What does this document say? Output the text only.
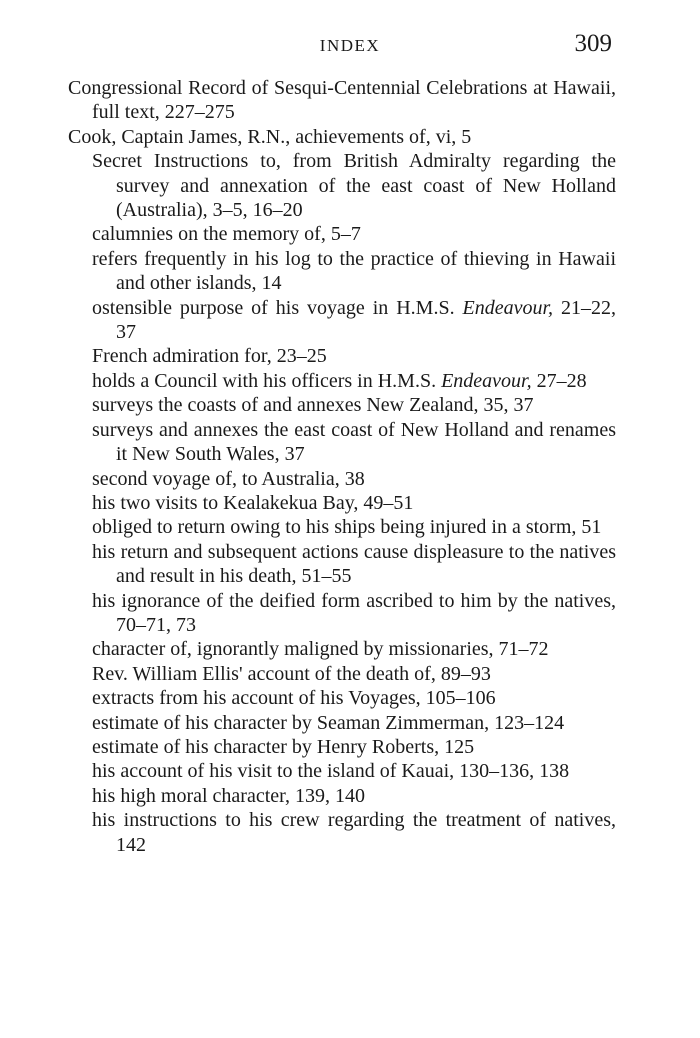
INDEX	309
Congressional Record of Sesqui-Centennial Celebrations at Hawaii, full text, 227–275
Cook, Captain James, R.N., achievements of, vi, 5
Secret Instructions to, from British Admiralty regarding the survey and annexation of the east coast of New Holland (Australia), 3–5, 16–20
calumnies on the memory of, 5–7
refers frequently in his log to the practice of thieving in Hawaii and other islands, 14
ostensible purpose of his voyage in H.M.S. Endeavour, 21–22, 37
French admiration for, 23–25
holds a Council with his officers in H.M.S. Endeavour, 27–28
surveys the coasts of and annexes New Zealand, 35, 37
surveys and annexes the east coast of New Holland and renames it New South Wales, 37
second voyage of, to Australia, 38
his two visits to Kealakekua Bay, 49–51
obliged to return owing to his ships being injured in a storm, 51
his return and subsequent actions cause displeasure to the natives and result in his death, 51–55
his ignorance of the deified form ascribed to him by the natives, 70–71, 73
character of, ignorantly maligned by missionaries, 71–72
Rev. William Ellis' account of the death of, 89–93
extracts from his account of his Voyages, 105–106
estimate of his character by Seaman Zimmerman, 123–124
estimate of his character by Henry Roberts, 125
his account of his visit to the island of Kauai, 130–136, 138
his high moral character, 139, 140
his instructions to his crew regarding the treatment of natives, 142
